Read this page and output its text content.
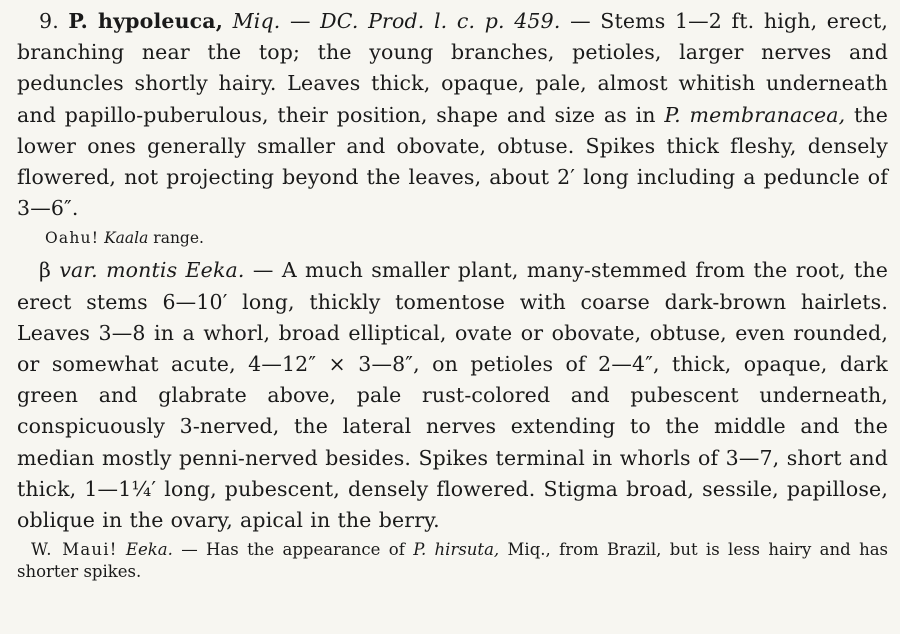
9. P. hypoleuca, Miq. — DC. Prod. l. c. p. 459. — Stems 1—2 ft. high, erect, branching near the top; the young branches, petioles, larger nerves and peduncles shortly hairy. Leaves thick, opaque, pale, almost whitish underneath and papillo-puberulous, their position, shape and size as in P. membranacea, the lower ones generally smaller and obovate, obtuse. Spikes thick fleshy, densely flowered, not projecting beyond the leaves, about 2′ long including a peduncle of 3—6″.

Oahu! Kaala range.

β var. montis Eeka. — A much smaller plant, many-stemmed from the root, the erect stems 6—10′ long, thickly tomentose with coarse dark-brown hairlets. Leaves 3—8 in a whorl, broad elliptical, ovate or obovate, obtuse, even rounded, or somewhat acute, 4—12″ × 3—8″, on petioles of 2—4″, thick, opaque, dark green and glabrate above, pale rust-colored and pubescent underneath, conspicuously 3-nerved, the lateral nerves extending to the middle and the median mostly penni-nerved besides. Spikes terminal in whorls of 3—7, short and thick, 1—1¼′ long, pubescent, densely flowered. Stigma broad, sessile, papillose, oblique in the ovary, apical in the berry.

W. Maui! Eeka. — Has the appearance of P. hirsuta, Miq., from Brazil, but is less hairy and has shorter spikes.
